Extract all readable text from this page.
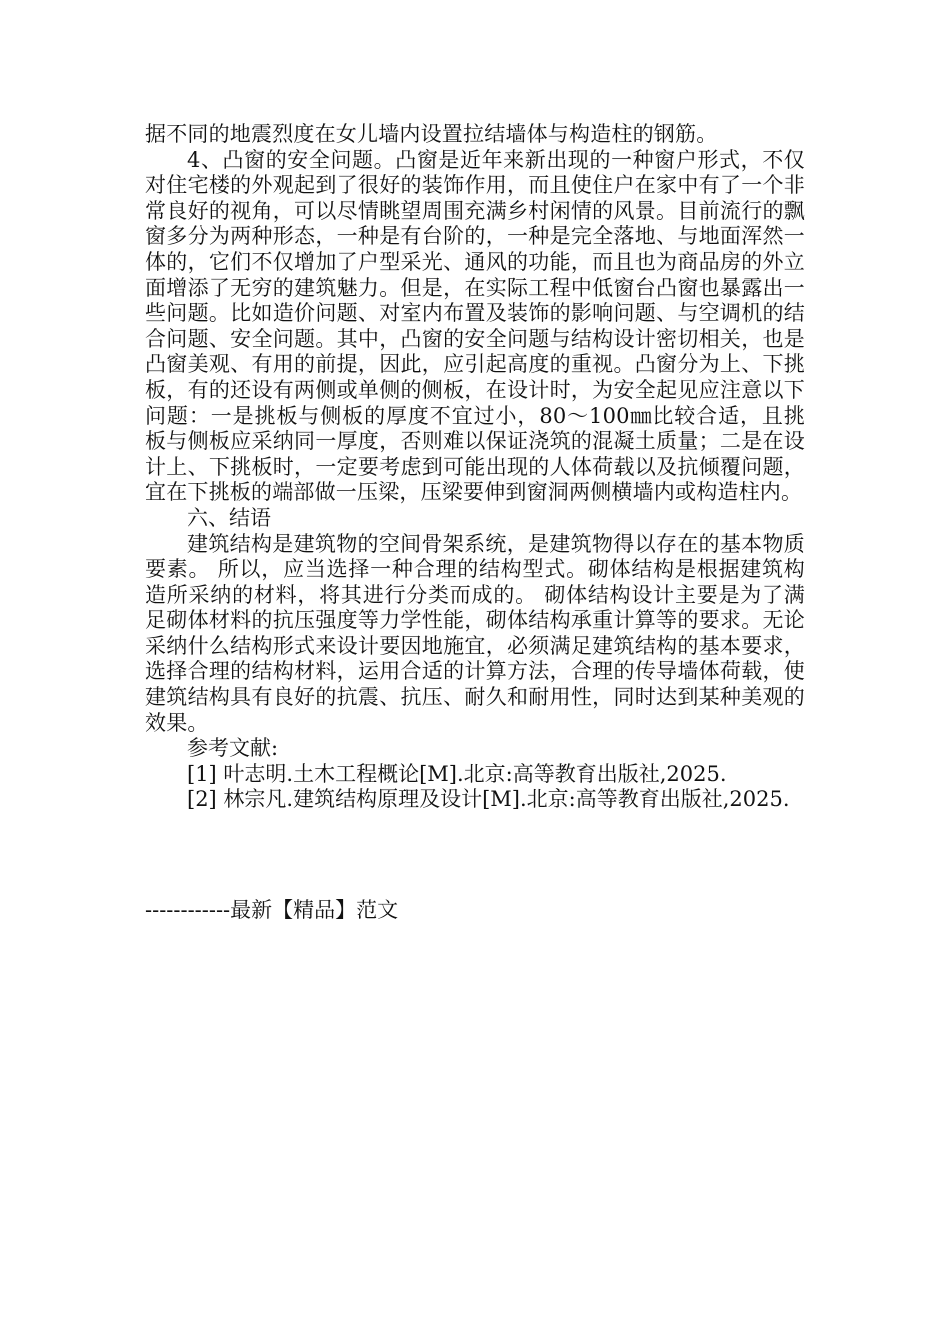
据不同的地震烈度在女儿墙内设置拉结墙体与构造柱的钢筋。

4、凸窗的安全问题。凸窗是近年来新出现的一种窗户形式，不仅对住宅楼的外观起到了很好的装饰作用，而且使住户在家中有了一个非常良好的视角，可以尽情眺望周围充满乡村闲情的风景。目前流行的飘窗多分为两种形态，一种是有台阶的，一种是完全落地、与地面浑然一体的，它们不仅增加了户型采光、通风的功能，而且也为商品房的外立面增添了无穷的建筑魅力。但是，在实际工程中低窗台凸窗也暴露出一些问题。比如造价问题、对室内布置及装饰的影响问题、与空调机的结合问题、安全问题。其中，凸窗的安全问题与结构设计密切相关，也是凸窗美观、有用的前提，因此，应引起高度的重视。凸窗分为上、下挑板，有的还设有两侧或单侧的侧板，在设计时，为安全起见应注意以下问题：一是挑板与侧板的厚度不宜过小，80～100㎜比较合适，且挑板与侧板应采纳同一厚度，否则难以保证浇筑的混凝土质量；二是在设计上、下挑板时，一定要考虑到可能出现的人体荷载以及抗倾覆问题，宜在下挑板的端部做一压梁，压梁要伸到窗洞两侧横墙内或构造柱内。

六、结语

建筑结构是建筑物的空间骨架系统，是建筑物得以存在的基本物质要素。 所以，应当选择一种合理的结构型式。砌体结构是根据建筑构造所采纳的材料，将其进行分类而成的。 砌体结构设计主要是为了满足砌体材料的抗压强度等力学性能，砌体结构承重计算等的要求。无论采纳什么结构形式来设计要因地施宜，必须满足建筑结构的基本要求， 选择合理的结构材料，运用合适的计算方法，合理的传导墙体荷载，使建筑结构具有良好的抗震、抗压、耐久和耐用性，同时达到某种美观的效果。

参考文献:

[1] 叶志明.土木工程概论[M].北京:高等教育出版社,2025.

[2] 林宗凡.建筑结构原理及设计[M].北京:高等教育出版社,2025.

------------最新【精品】范文
